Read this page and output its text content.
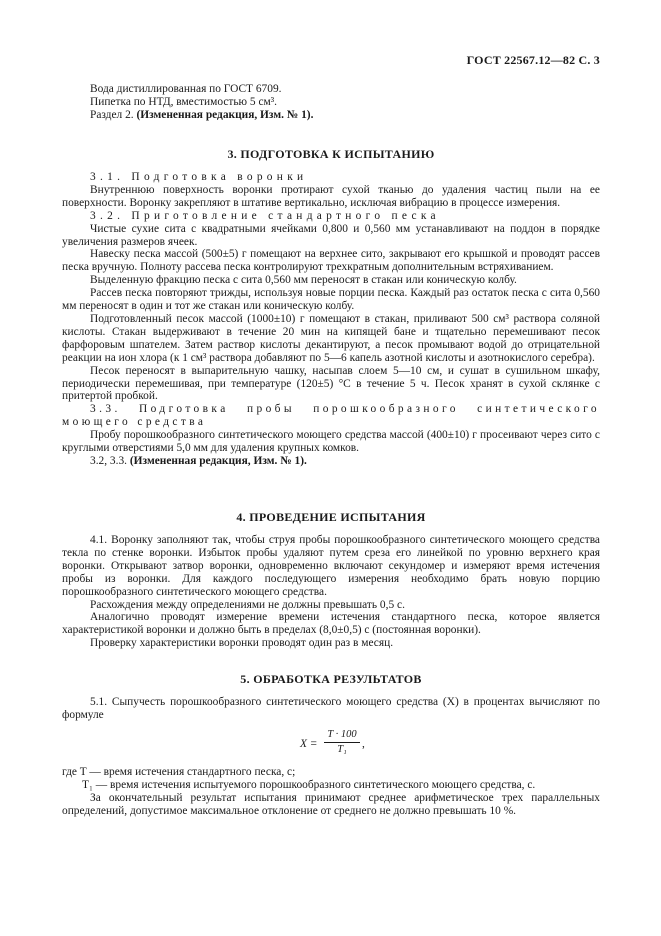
ГОСТ 22567.12—82 С. 3

Вода дистиллированная по ГОСТ 6709.

Пипетка по НТД, вместимостью 5 см³.

Раздел 2. (Измененная редакция, Изм. № 1).

3. ПОДГОТОВКА К ИСПЫТАНИЮ

3.1. Подготовка воронки

Внутреннюю поверхность воронки протирают сухой тканью до удаления частиц пыли на ее поверхности. Воронку закрепляют в штативе вертикально, исключая вибрацию в процессе измерения.

3.2. Приготовление стандартного песка

Чистые сухие сита с квадратными ячейками 0,800 и 0,560 мм устанавливают на поддон в порядке увеличения размеров ячеек.

Навеску песка массой (500±5) г помещают на верхнее сито, закрывают его крышкой и проводят рассев песка вручную. Полноту рассева песка контролируют трехкратным дополнительным встряхиванием.

Выделенную фракцию песка с сита 0,560 мм переносят в стакан или коническую колбу.

Рассев песка повторяют трижды, используя новые порции песка. Каждый раз остаток песка с сита 0,560 мм переносят в один и тот же стакан или коническую колбу.

Подготовленный песок массой (1000±10) г помещают в стакан, приливают 500 см³ раствора соляной кислоты. Стакан выдерживают в течение 20 мин на кипящей бане и тщательно перемешивают песок фарфоровым шпателем. Затем раствор кислоты декантируют, а песок промывают водой до отрицательной реакции на ион хлора (к 1 см³ раствора добавляют по 5—6 капель азотной кислоты и азотнокислого серебра).

Песок переносят в выпарительную чашку, насыпав слоем 5—10 см, и сушат в сушильном шкафу, периодически перемешивая, при температуре (120±5) °С в течение 5 ч. Песок хранят в сухой склянке с притертой пробкой.

3.3. Подготовка пробы порошкообразного синтетического

моющего средства

Пробу порошкообразного синтетического моющего средства массой (400±10) г просеивают через сито с круглыми отверстиями 5,0 мм для удаления крупных комков.

3.2, 3.3. (Измененная редакция, Изм. № 1).

4. ПРОВЕДЕНИЕ ИСПЫТАНИЯ

4.1. Воронку заполняют так, чтобы струя пробы порошкообразного синтетического моющего средства текла по стенке воронки. Избыток пробы удаляют путем среза его линейкой по уровню верхнего края воронки. Открывают затвор воронки, одновременно включают секундомер и измеряют время истечения пробы из воронки. Для каждого последующего измерения необходимо брать новую порцию порошкообразного синтетического моющего средства.

Расхождения между определениями не должны превышать 0,5 с.

Аналогично проводят измерение времени истечения стандартного песка, которое является характеристикой воронки и должно быть в пределах (8,0±0,5) с (постоянная воронки).

Проверку характеристики воронки проводят один раз в месяц.

5. ОБРАБОТКА РЕЗУЛЬТАТОВ

5.1. Сыпучесть порошкообразного синтетического моющего средства (X) в процентах вычисляют по формуле

X =
T · 100
T₁	,

где T — время истечения стандартного песка, с;

T₁ — время истечения испытуемого порошкообразного синтетического моющего средства, с.

За окончательный результат испытания принимают среднее арифметическое трех параллельных определений, допустимое максимальное отклонение от среднего не должно превышать 10 %.
